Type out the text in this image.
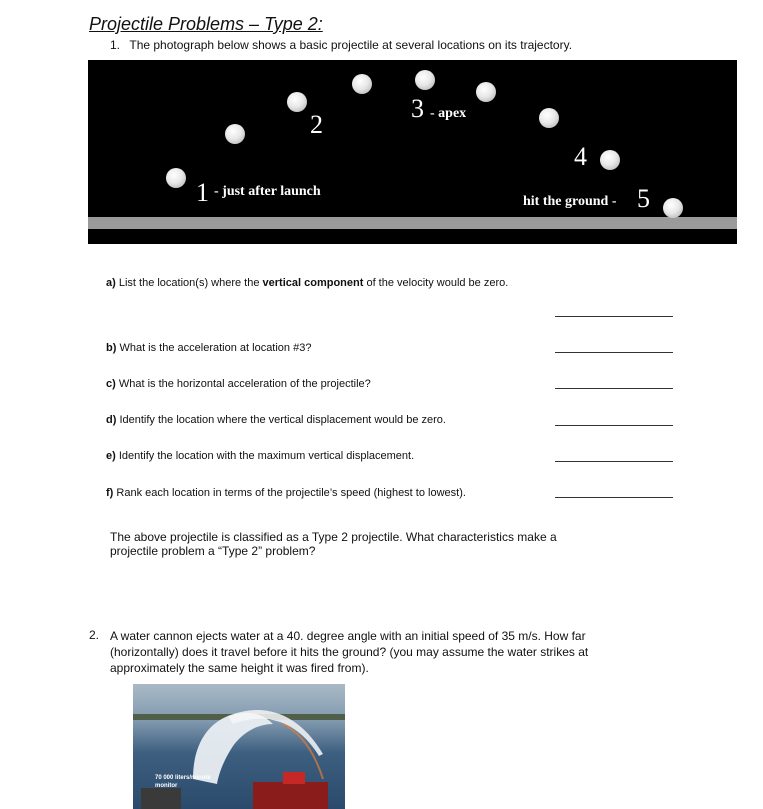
Projectile Problems – Type 2:
1. The photograph below shows a basic projectile at several locations on its trajectory.
1 - just after launch
2
3 - apex
4
hit the ground - 5
a) List the location(s) where the vertical component of the velocity would be zero.
b) What is the acceleration at location #3?
c) What is the horizontal acceleration of the projectile?
d) Identify the location where the vertical displacement would be zero.
e) Identify the location with the maximum vertical displacement.
f) Rank each location in terms of the projectile’s speed (highest to lowest).
The above projectile is classified as a Type 2 projectile. What characteristics make a
projectile problem a “Type 2” problem?
2. A water cannon ejects water at a 40. degree angle with an initial speed of 35 m/s. How far
(horizontally) does it travel before it hits the ground? (you may assume the water strikes at
approximately the same height it was fired from).
70 000 liters/minute
monitor
